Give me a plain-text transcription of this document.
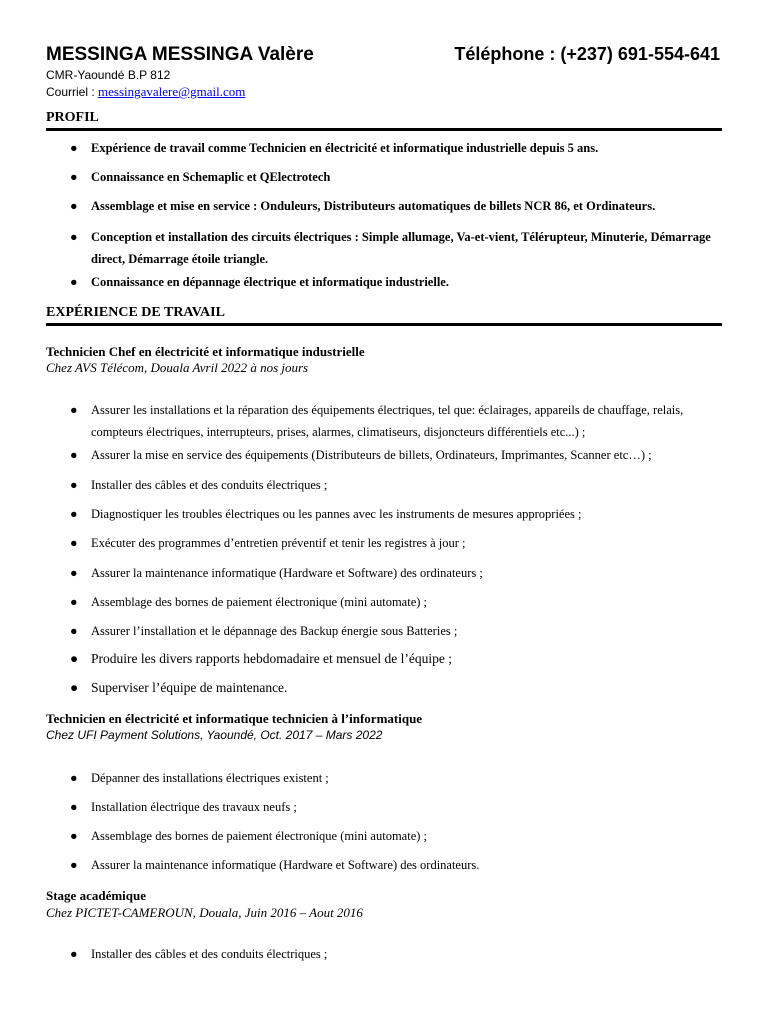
MESSINGA MESSINGA Valère	Téléphone : (+237) 691-554-641
CMR-Yaoundé B.P 812
Courriel : messingavalere@gmail.com
PROFIL
● Expérience de travail comme Technicien en électricité et informatique industrielle depuis 5 ans.
● Connaissance en Schemaplic et QElectrotech
● Assemblage et mise en service : Onduleurs, Distributeurs automatiques de billets NCR 86, et Ordinateurs.
● Conception et installation des circuits électriques : Simple allumage, Va-et-vient, Télérupteur, Minuterie, Démarrage direct, Démarrage étoile triangle.
● Connaissance en dépannage électrique et informatique industrielle.
EXPÉRIENCE DE TRAVAIL
Technicien Chef en électricité et informatique industrielle
Chez AVS Télécom, Douala Avril 2022 à nos jours
● Assurer les installations et la réparation des équipements électriques, tel que: éclairages, appareils de chauffage, relais, compteurs électriques, interrupteurs, prises, alarmes, climatiseurs, disjoncteurs différentiels etc...) ;
● Assurer la mise en service des équipements (Distributeurs de billets, Ordinateurs, Imprimantes, Scanner etc…) ;
● Installer des câbles et des conduits électriques ;
● Diagnostiquer les troubles électriques ou les pannes avec les instruments de mesures appropriées ;
● Exécuter des programmes d’entretien préventif et tenir les registres à jour ;
● Assurer la maintenance informatique (Hardware et Software) des ordinateurs ;
● Assemblage des bornes de paiement électronique (mini automate) ;
● Assurer l’installation et le dépannage des Backup énergie sous Batteries ;
● Produire les divers rapports hebdomadaire et mensuel de l’équipe ;
● Superviser l’équipe de maintenance.
Technicien en électricité et informatique technicien à l’informatique
Chez UFI Payment Solutions, Yaoundé, Oct. 2017 – Mars 2022
● Dépanner des installations électriques existent ;
● Installation électrique des travaux neufs ;
● Assemblage des bornes de paiement électronique (mini automate) ;
● Assurer la maintenance informatique (Hardware et Software) des ordinateurs.
Stage académique
Chez PICTET-CAMEROUN, Douala, Juin 2016 – Aout 2016
● Installer des câbles et des conduits électriques ;
